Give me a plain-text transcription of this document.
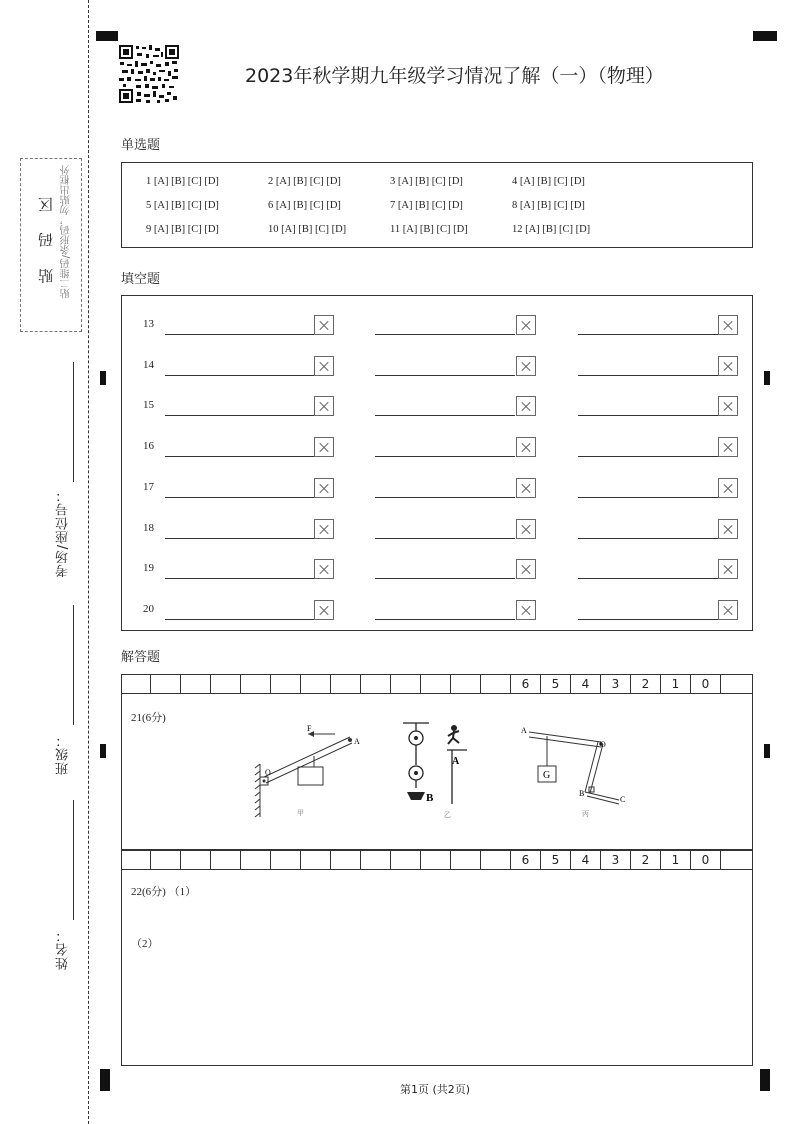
贴 码 区 贴二维码/条形码，勿贴出框外
考场/座位号：
班级：
姓名：
2023年秋学期九年级学习情况了解（一）（物理）
单选题
1 [A] [B] [C] [D]	2 [A] [B] [C] [D]	3 [A] [B] [C] [D]	4 [A] [B] [C] [D]
5 [A] [B] [C] [D]	6 [A] [B] [C] [D]	7 [A] [B] [C] [D]	8 [A] [B] [C] [D]
9 [A] [B] [C] [D]	10 [A] [B] [C] [D]	11 [A] [B] [C] [D]	12 [A] [B] [C] [D]
填空题
13
14
15
16
17
18
19
20
解答题
6	5	4	3	2	1	0
6	5	4	3	2	1	0
21(6分)
F
A
O
甲
A
B
乙
A
O
G
B
C
丙
22(6分) （1）
（2）
第1页 (共2页)
